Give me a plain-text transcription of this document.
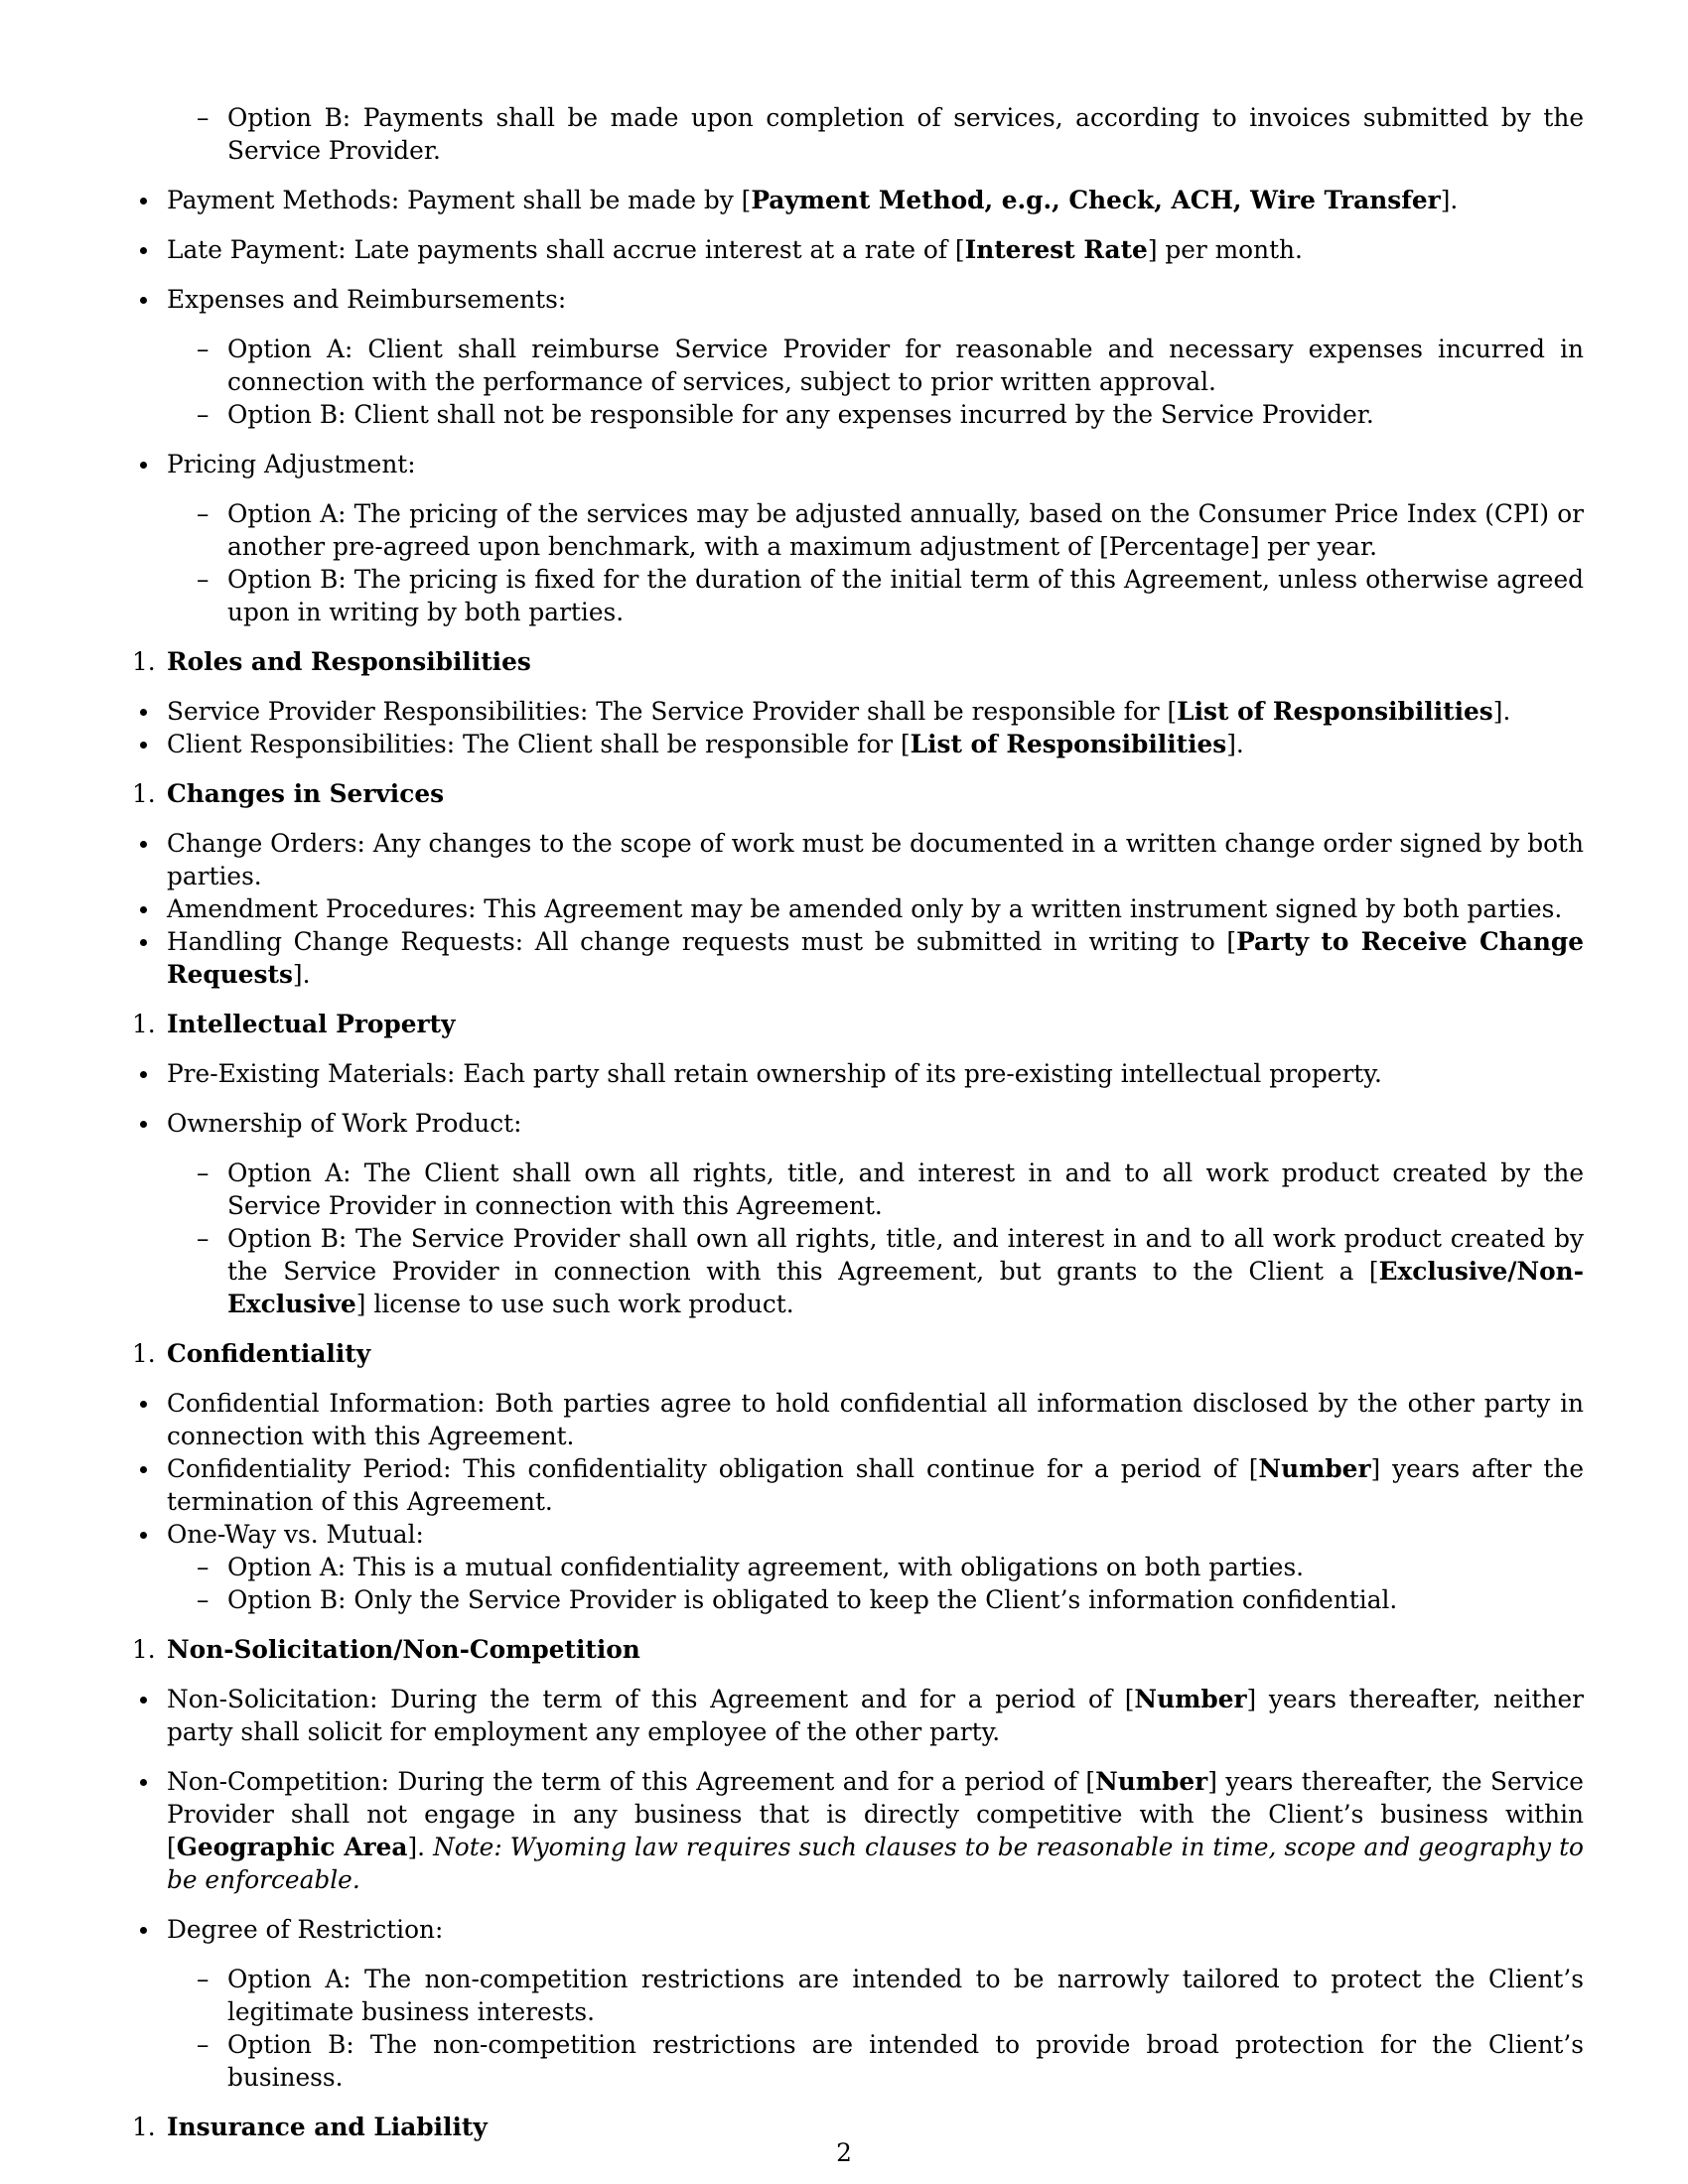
– Option B: Payments shall be made upon completion of services, according to invoices submitted by the Service Provider.
Payment Methods: Payment shall be made by [Payment Method, e.g., Check, ACH, Wire Transfer].
Late Payment: Late payments shall accrue interest at a rate of [Interest Rate] per month.
Expenses and Reimbursements:
– Option A: Client shall reimburse Service Provider for reasonable and necessary expenses incurred in connection with the performance of services, subject to prior written approval.
– Option B: Client shall not be responsible for any expenses incurred by the Service Provider.
Pricing Adjustment:
– Option A: The pricing of the services may be adjusted annually, based on the Consumer Price Index (CPI) or another pre-agreed upon benchmark, with a maximum adjustment of [Percentage] per year.
– Option B: The pricing is fixed for the duration of the initial term of this Agreement, unless otherwise agreed upon in writing by both parties.
1. Roles and Responsibilities
Service Provider Responsibilities: The Service Provider shall be responsible for [List of Responsibilities].
Client Responsibilities: The Client shall be responsible for [List of Responsibilities].
1. Changes in Services
Change Orders: Any changes to the scope of work must be documented in a written change order signed by both parties.
Amendment Procedures: This Agreement may be amended only by a written instrument signed by both parties.
Handling Change Requests: All change requests must be submitted in writing to [Party to Receive Change Requests].
1. Intellectual Property
Pre-Existing Materials: Each party shall retain ownership of its pre-existing intellectual property.
Ownership of Work Product:
– Option A: The Client shall own all rights, title, and interest in and to all work product created by the Service Provider in connection with this Agreement.
– Option B: The Service Provider shall own all rights, title, and interest in and to all work product created by the Service Provider in connection with this Agreement, but grants to the Client a [Exclusive/Non-Exclusive] license to use such work product.
1. Confidentiality
Confidential Information: Both parties agree to hold confidential all information disclosed by the other party in connection with this Agreement.
Confidentiality Period: This confidentiality obligation shall continue for a period of [Number] years after the termination of this Agreement.
One-Way vs. Mutual:
– Option A: This is a mutual confidentiality agreement, with obligations on both parties.
– Option B: Only the Service Provider is obligated to keep the Client’s information confidential.
1. Non-Solicitation/Non-Competition
Non-Solicitation: During the term of this Agreement and for a period of [Number] years thereafter, neither party shall solicit for employment any employee of the other party.
Non-Competition: During the term of this Agreement and for a period of [Number] years thereafter, the Service Provider shall not engage in any business that is directly competitive with the Client’s business within [Geographic Area]. Note: Wyoming law requires such clauses to be reasonable in time, scope and geography to be enforceable.
Degree of Restriction:
– Option A: The non-competition restrictions are intended to be narrowly tailored to protect the Client’s legitimate business interests.
– Option B: The non-competition restrictions are intended to provide broad protection for the Client’s business.
1. Insurance and Liability
2
